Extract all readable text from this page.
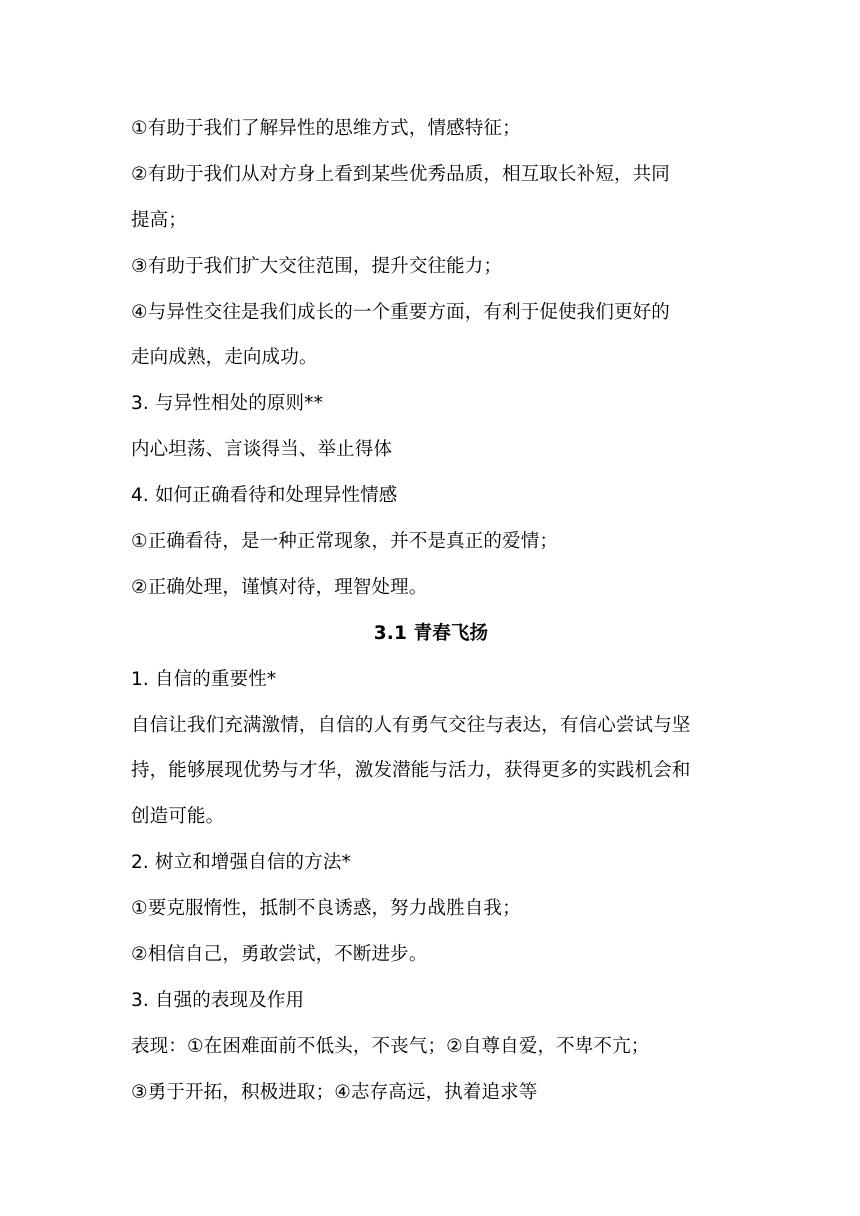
①有助于我们了解异性的思维方式，情感特征；
②有助于我们从对方身上看到某些优秀品质，相互取长补短，共同
提高；
③有助于我们扩大交往范围，提升交往能力；
④与异性交往是我们成长的一个重要方面，有利于促使我们更好的
走向成熟，走向成功。
3. 与异性相处的原则**
内心坦荡、言谈得当、举止得体
4. 如何正确看待和处理异性情感
①正确看待，是一种正常现象，并不是真正的爱情；
②正确处理，谨慎对待，理智处理。
3.1 青春飞扬
1. 自信的重要性*
自信让我们充满激情，自信的人有勇气交往与表达，有信心尝试与坚
持，能够展现优势与才华，激发潜能与活力，获得更多的实践机会和
创造可能。
2. 树立和增强自信的方法*
①要克服惰性，抵制不良诱惑，努力战胜自我；
②相信自己，勇敢尝试，不断进步。
3. 自强的表现及作用
表现：①在困难面前不低头，不丧气；②自尊自爱，不卑不亢；
③勇于开拓，积极进取；④志存高远，执着追求等
